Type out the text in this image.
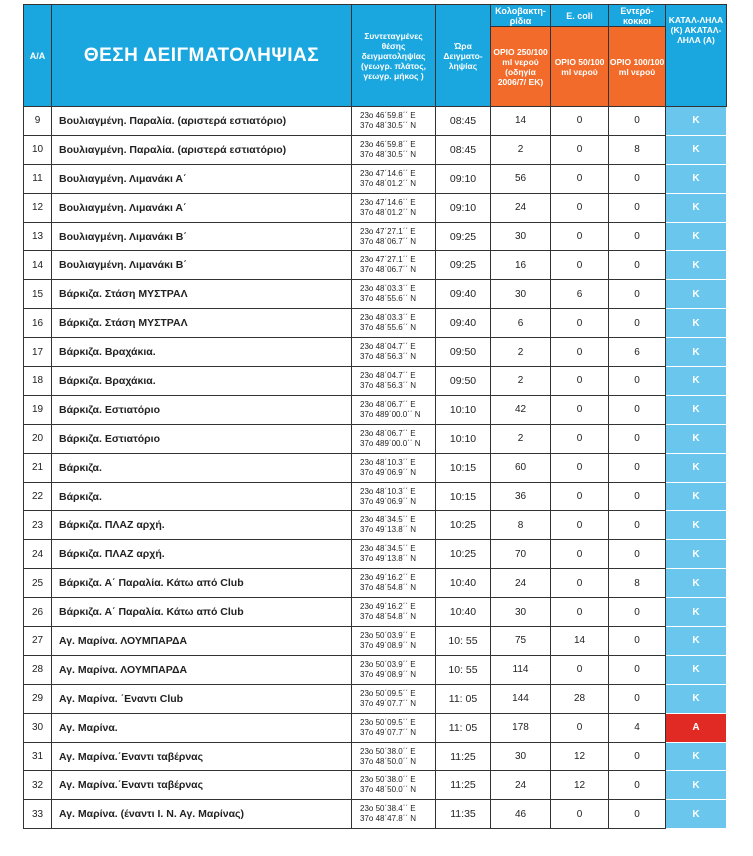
Α/Α	ΘΕΣΗ ΔΕΙΓΜΑΤΟΛΗΨΙΑΣ	Συντεταγμένες θέσης δειγματοληψίας (γεωγρ. πλάτος, γεωγρ. μήκος )	Ώρα Δειγματο-ληψίας	Κολοβακτη-ρίδια	E. coli	Εντερό-κοκκοι	ΚΑΤΑΛ-ΛΗΛΑ (Κ) ΑΚΑΤΑΛ-ΛΗΛΑ (Α)
				ΟΡΙΟ 250/100 ml νερού (οδηγία 2006/7/ ΕΚ)	ΟΡΙΟ 50/100 ml νερού	ΟΡΙΟ 100/100 ml νερού	
9	Βουλιαγμένη. Παραλία. (αριστερά εστιατόριο)	23ο 46΄59.8΄΄ E
37ο 48΄30.5΄΄ N	08:45	14	0	0	Κ
10	Βουλιαγμένη. Παραλία. (αριστερά εστιατόριο)	23ο 46΄59.8΄΄ E
37ο 48΄30.5΄΄ N	08:45	2	0	8	Κ
11	Βουλιαγμένη. Λιμανάκι Α΄	23ο 47΄14.6΄΄ E
37ο 48΄01.2΄΄ N	09:10	56	0	0	Κ
12	Βουλιαγμένη. Λιμανάκι Α΄	23ο 47΄14.6΄΄ E
37ο 48΄01.2΄΄ N	09:10	24	0	0	Κ
13	Βουλιαγμένη. Λιμανάκι Β΄	23ο 47΄27.1΄΄ E
37ο 48΄06.7΄΄ N	09:25	30	0	0	Κ
14	Βουλιαγμένη. Λιμανάκι Β΄	23ο 47΄27.1΄΄ E
37ο 48΄06.7΄΄ N	09:25	16	0	0	Κ
15	Βάρκιζα. Στάση ΜΥΣΤΡΑΛ	23ο 48΄03.3΄΄ E
37ο 48΄55.6΄΄ N	09:40	30	6	0	Κ
16	Βάρκιζα. Στάση ΜΥΣΤΡΑΛ	23ο 48΄03.3΄΄ E
37ο 48΄55.6΄΄ N	09:40	6	0	0	Κ
17	Βάρκιζα. Βραχάκια.	23ο 48΄04.7΄΄ E
37ο 48΄56.3΄΄ N	09:50	2	0	6	Κ
18	Βάρκιζα. Βραχάκια.	23ο 48΄04.7΄΄ E
37ο 48΄56.3΄΄ N	09:50	2	0	0	Κ
19	Βάρκιζα. Εστιατόριο	23ο 48΄06.7΄΄ E
37ο 489΄00.0΄΄ N	10:10	42	0	0	Κ
20	Βάρκιζα. Εστιατόριο	23ο 48΄06.7΄΄ E
37ο 489΄00.0΄΄ N	10:10	2	0	0	Κ
21	Βάρκιζα.	23ο 48΄10.3΄΄ E
37ο 49΄06.9΄΄ N	10:15	60	0	0	Κ
22	Βάρκιζα.	23ο 48΄10.3΄΄ E
37ο 49΄06.9΄΄ N	10:15	36	0	0	Κ
23	Βάρκιζα. ΠΛΑΖ αρχή.	23ο 48΄34.5΄΄ E
37ο 49΄13.8΄΄ N	10:25	8	0	0	Κ
24	Βάρκιζα. ΠΛΑΖ αρχή.	23ο 48΄34.5΄΄ E
37ο 49΄13.8΄΄ N	10:25	70	0	0	Κ
25	Βάρκιζα. Α΄ Παραλία. Κάτω από Club	23ο 49΄16.2΄΄ E
37ο 48΄54.8΄΄ N	10:40	24	0	8	Κ
26	Βάρκιζα. Α΄ Παραλία. Κάτω από Club	23ο 49΄16.2΄΄ E
37ο 48΄54.8΄΄ N	10:40	30	0	0	Κ
27	Αγ. Μαρίνα. ΛΟΥΜΠΑΡΔΑ	23ο 50΄03.9΄΄ E
37ο 49΄08.9΄΄ N	10: 55	75	14	0	Κ
28	Αγ. Μαρίνα. ΛΟΥΜΠΑΡΔΑ	23ο 50΄03.9΄΄ E
37ο 49΄08.9΄΄ N	10: 55	114	0	0	Κ
29	Αγ. Μαρίνα. ΄Εναντι Club	23ο 50΄09.5΄΄ E
37ο 49΄07.7΄΄ N	11: 05	144	28	0	Κ
30	Αγ. Μαρίνα.	23ο 50΄09.5΄΄ E
37ο 49΄07.7΄΄ N	11: 05	178	0	4	Α
31	Αγ. Μαρίνα.΄Εναντι ταβέρνας	23ο 50΄38.0΄΄ E
37ο 48΄50.0΄΄ N	11:25	30	12	0	Κ
32	Αγ. Μαρίνα.΄Εναντι ταβέρνας	23ο 50΄38.0΄΄ E
37ο 48΄50.0΄΄ N	11:25	24	12	0	Κ
33	Αγ. Μαρίνα. (έναντι Ι. Ν. Αγ. Μαρίνας)	23ο 50΄38.4΄΄ E
37ο 48΄47.8΄΄ N	11:35	46	0	0	Κ
